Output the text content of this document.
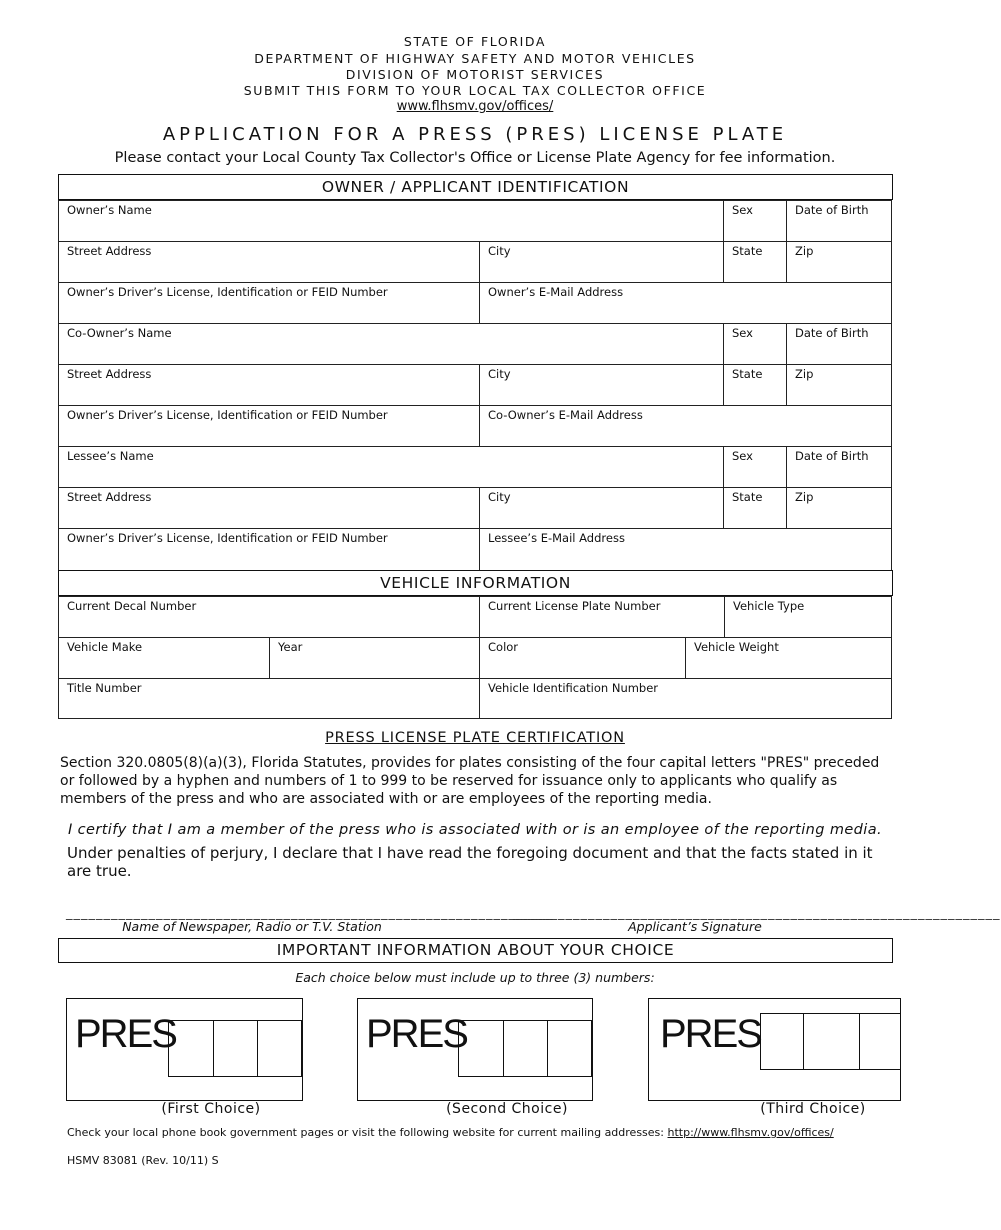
STATE OF FLORIDA
DEPARTMENT OF HIGHWAY SAFETY AND MOTOR VEHICLES
DIVISION OF MOTORIST SERVICES
SUBMIT THIS FORM TO YOUR LOCAL TAX COLLECTOR OFFICE
www.flhsmv.gov/offices/
APPLICATION FOR A PRESS (PRES) LICENSE PLATE
Please contact your Local County Tax Collector's Office or License Plate Agency for fee information.
OWNER / APPLICANT IDENTIFICATION
Owner’s Name	Sex	Date of Birth
Street Address	City	State	Zip
Owner’s Driver’s License, Identification or FEID Number	Owner’s E-Mail Address
Co-Owner’s Name	Sex	Date of Birth
Street Address	City	State	Zip
Owner’s Driver’s License, Identification or FEID Number	Co-Owner’s E-Mail Address
Lessee’s Name	Sex	Date of Birth
Street Address	City	State	Zip
Owner’s Driver’s License, Identification or FEID Number	Lessee’s E-Mail Address
VEHICLE INFORMATION
Current Decal Number	Current License Plate Number	Vehicle Type
Vehicle Make	Year	Color	Vehicle Weight
Title Number	Vehicle Identification Number
PRESS LICENSE PLATE CERTIFICATION
Section 320.0805(8)(a)(3), Florida Statutes, provides for plates consisting of the four capital letters "PRES" preceded or followed by a hyphen and numbers of 1 to 999 to be reserved for issuance only to applicants who qualify as members of the press and who are associated with or are employees of the reporting media.
I certify that I am a member of the press who is associated with or is an employee of the reporting media.
Under penalties of perjury, I declare that I have read the foregoing document and that the facts stated in it are true.
_________________________________________________________________
Name of Newspaper, Radio or T.V. Station
_________________________________________________________________
Applicant’s Signature
IMPORTANT INFORMATION ABOUT YOUR CHOICE
Each choice below must include up to three (3) numbers:
PRES
(First Choice)
PRES
(Second Choice)
PRES
(Third Choice)
Check your local phone book government pages or visit the following website for current mailing addresses: http://www.flhsmv.gov/offices/
HSMV 83081 (Rev. 10/11) S
